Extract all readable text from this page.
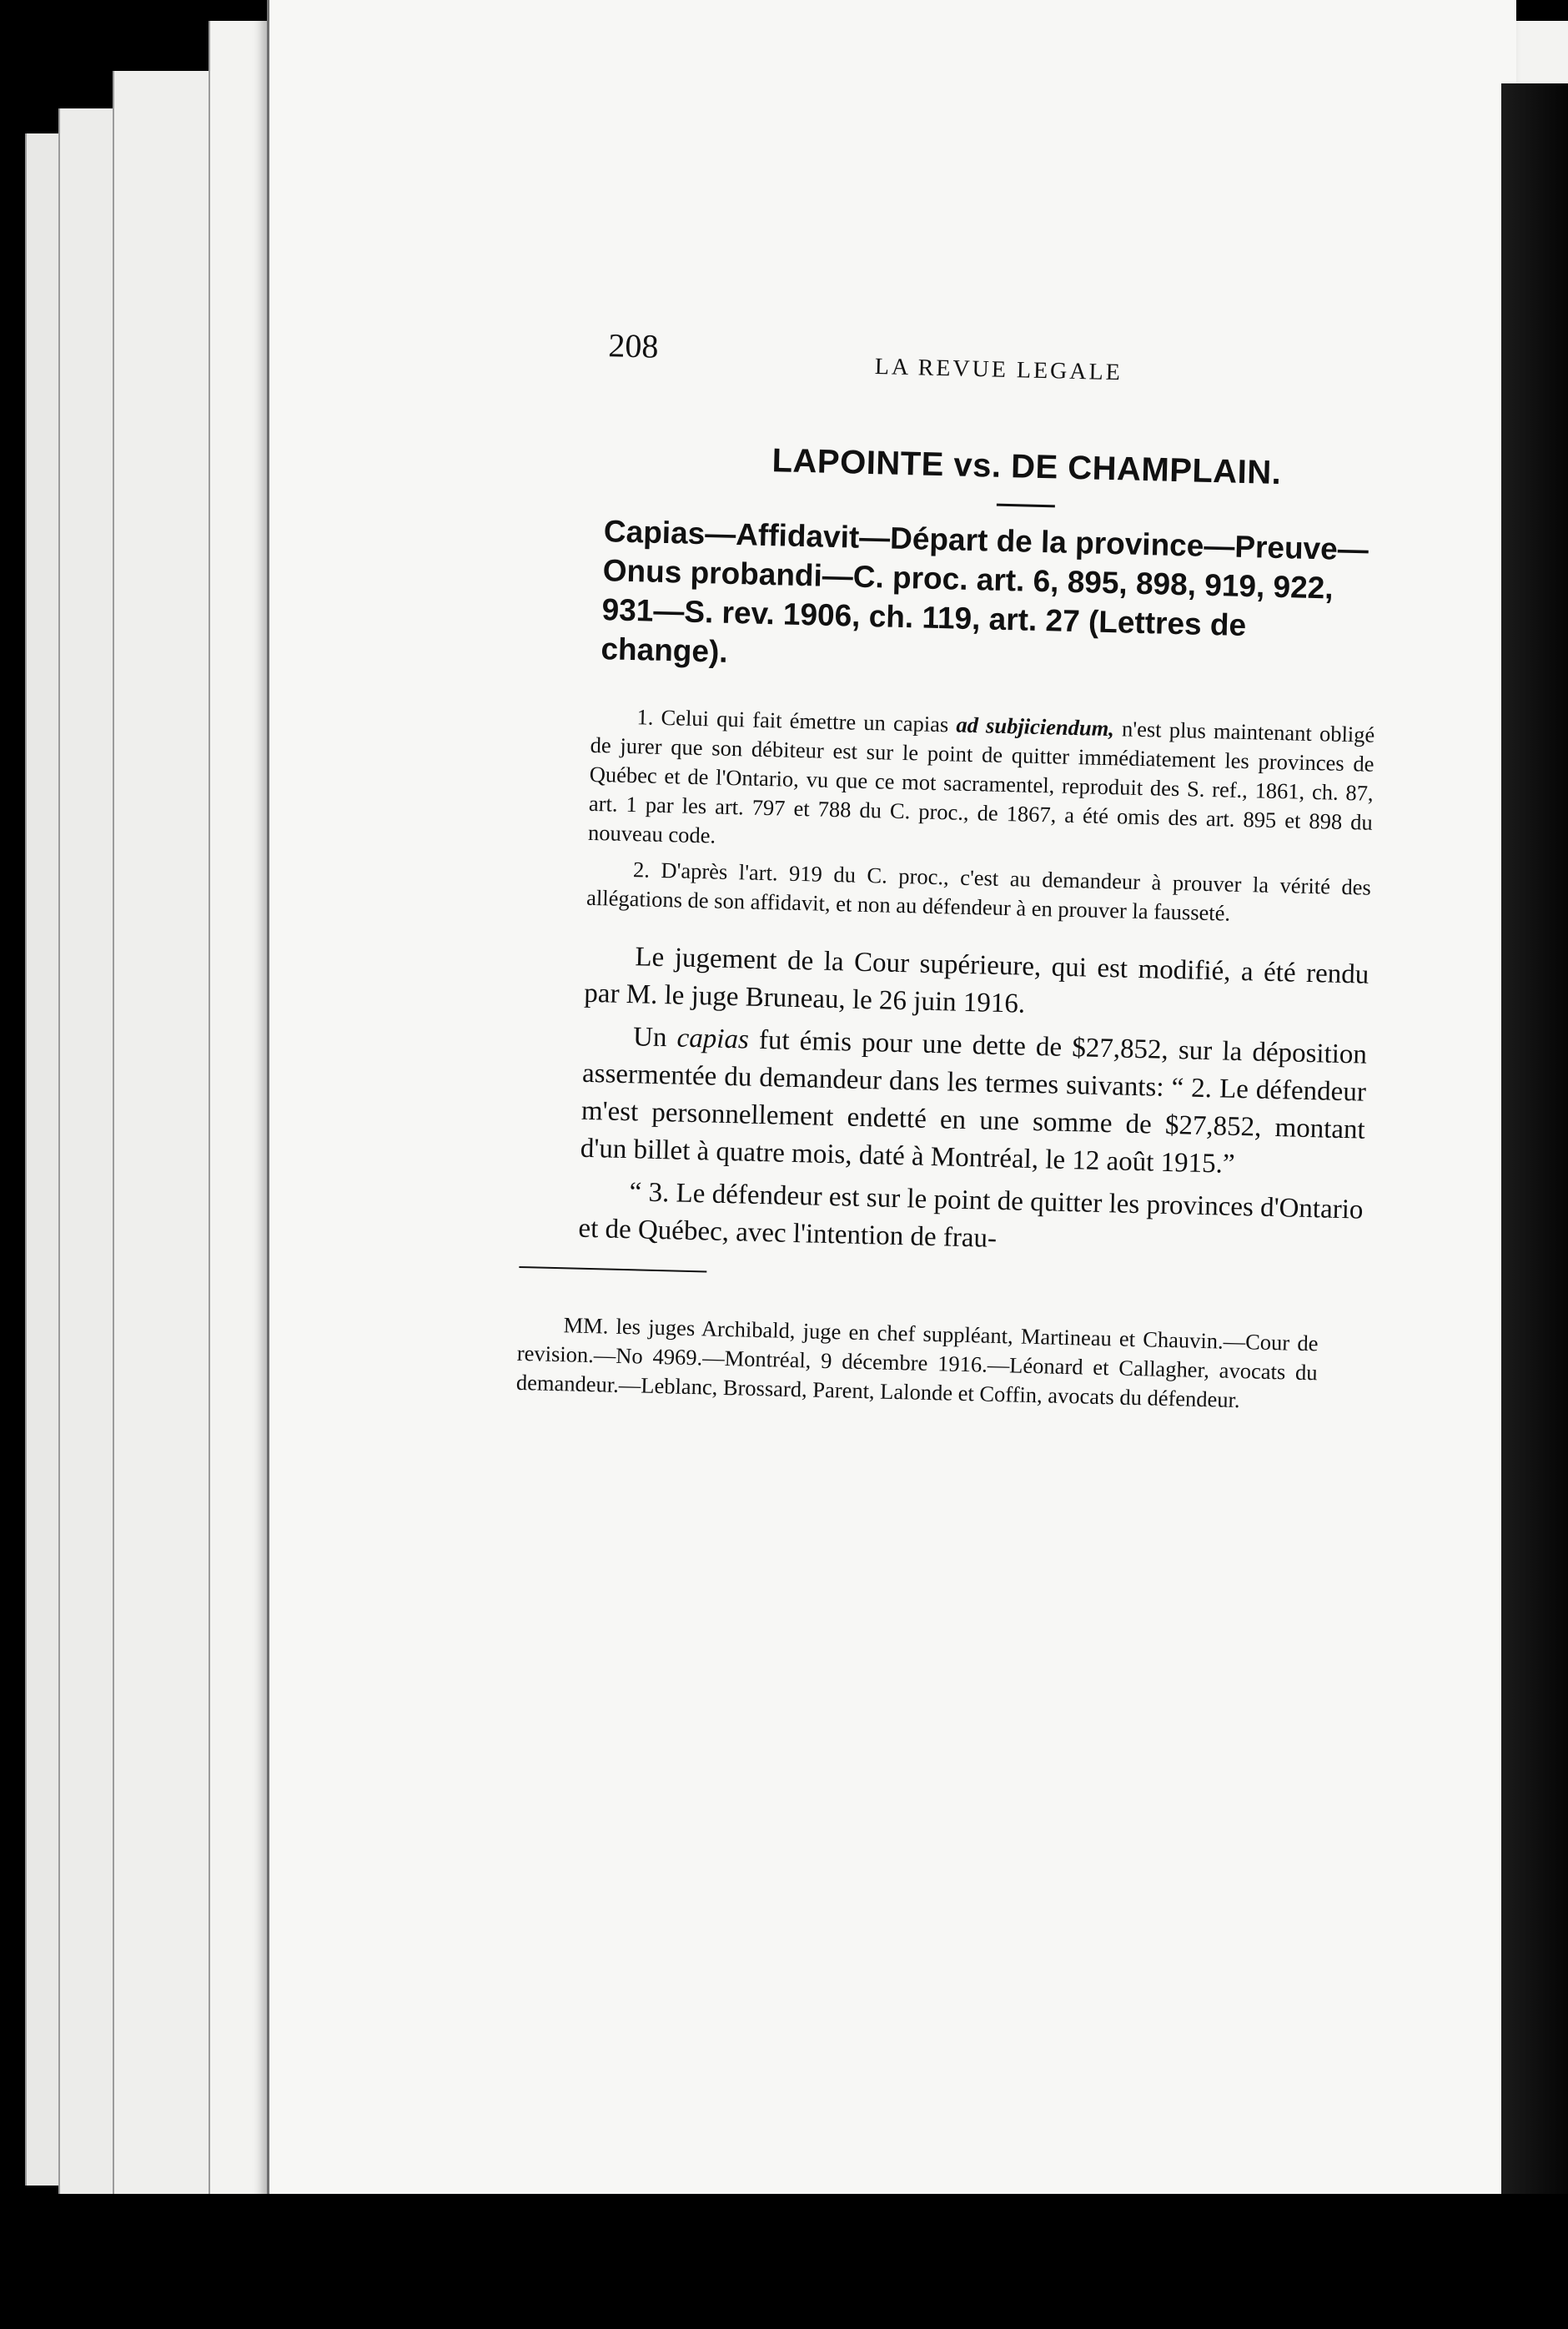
208
LA REVUE LEGALE
LAPOINTE vs. DE CHAMPLAIN.
Capias—Affidavit—Départ de la province—Preuve—Onus probandi—C. proc. art. 6, 895, 898, 919, 922, 931—S. rev. 1906, ch. 119, art. 27 (Lettres de change).

1. Celui qui fait émettre un capias ad subjiciendum, n'est plus maintenant obligé de jurer que son débiteur est sur le point de quitter immédiatement les provinces de Québec et de l'Ontario, vu que ce mot sacramentel, reproduit des S. ref., 1861, ch. 87, art. 1 par les art. 797 et 788 du C. proc., de 1867, a été omis des art. 895 et 898 du nouveau code.

2. D'après l'art. 919 du C. proc., c'est au demandeur à prouver la vérité des allégations de son affidavit, et non au défendeur à en prouver la fausseté.

Le jugement de la Cour supérieure, qui est modifié, a été rendu par M. le juge Bruneau, le 26 juin 1916.

Un capias fut émis pour une dette de $27,852, sur la déposition assermentée du demandeur dans les termes suivants: “ 2. Le défendeur m'est personnellement endetté en une somme de $27,852, montant d'un billet à quatre mois, daté à Montréal, le 12 août 1915.”

“ 3. Le défendeur est sur le point de quitter les provinces d'Ontario et de Québec, avec l'intention de frau-

MM. les juges Archibald, juge en chef suppléant, Martineau et Chauvin.—Cour de revision.—No 4969.—Montréal, 9 décembre 1916.—Léonard et Callagher, avocats du demandeur.—Leblanc, Brossard, Parent, Lalonde et Coffin, avocats du défendeur.
